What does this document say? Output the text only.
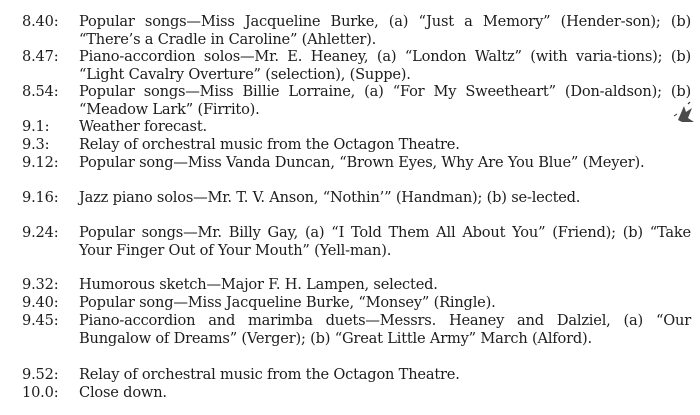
8.40:	Popular songs—Miss Jacqueline Burke, (a) “Just a Memory” (Hender-son); (b) “There’s a Cradle in Caroline” (Ahletter).
8.47:	Piano-accordion solos—Mr. E. Heaney, (a) “London Waltz” (with varia-tions); (b) “Light Cavalry Overture” (selection), (Suppe).
8.54:	Popular songs—Miss Billie Lorraine, (a) “For My Sweetheart” (Don-aldson); (b) “Meadow Lark” (Firrito).
9.1:	Weather forecast.
9.3:	Relay of orchestral music from the Octagon Theatre.
9.12:	Popular song—Miss Vanda Duncan, “Brown Eyes, Why Are You Blue” (Meyer).
9.16:	Jazz piano solos—Mr. T. V. Anson, “Nothin’” (Handman); (b) se-lected.
9.24:	Popular songs—Mr. Billy Gay, (a) “I Told Them All About You” (Friend); (b) “Take Your Finger Out of Your Mouth” (Yell-man).
9.32:	Humorous sketch—Major F. H. Lampen, selected.
9.40:	Popular song—Miss Jacqueline Burke, “Monsey” (Ringle).
9.45:	Piano-accordion and marimba duets—Messrs. Heaney and Dalziel, (a) “Our Bungalow of Dreams” (Verger); (b) “Great Little Army” March (Alford).
9.52:	Relay of orchestral music from the Octagon Theatre.
10.0:	Close down.
